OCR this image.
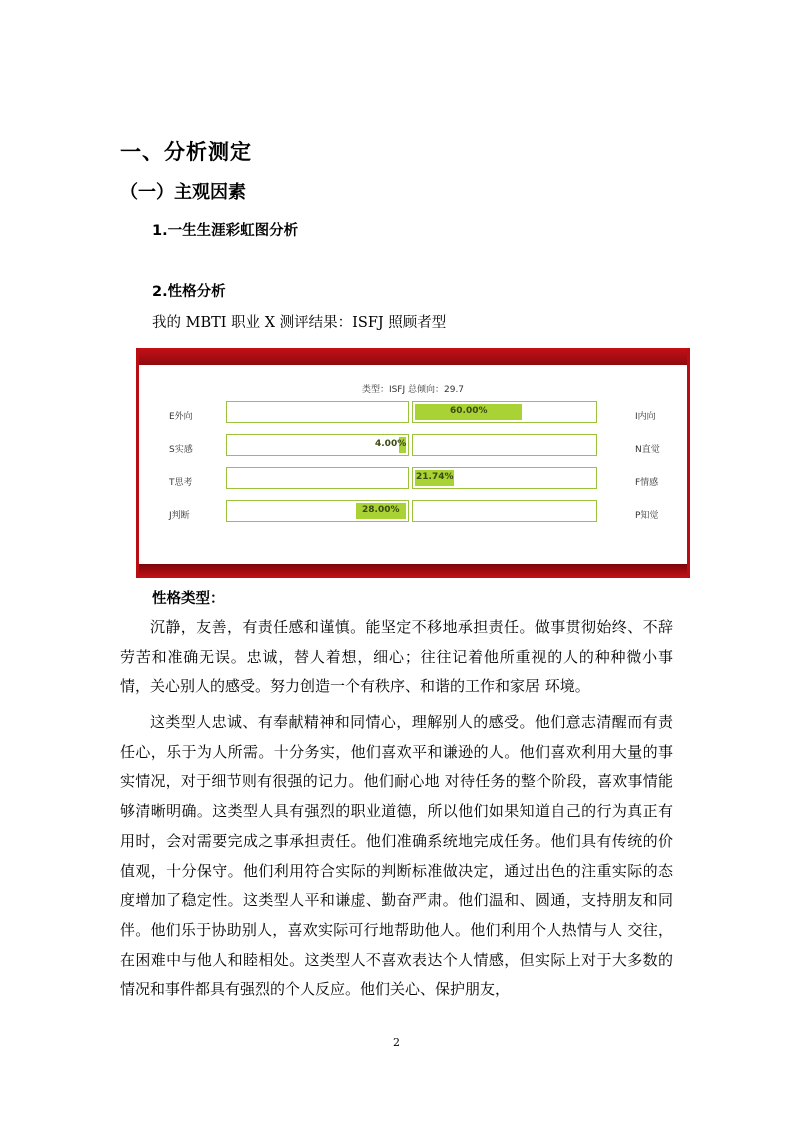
一、分析测定
（一）主观因素
1.一生生涯彩虹图分析
2.性格分析
我的 MBTI 职业 X 测评结果：ISFJ 照顾者型
类型：ISFJ 总倾向：29.7
E外向
60.00%
I内向
S实感
4.00%
N直觉
T思考
21.74%
F情感
J判断
28.00%
P知觉
性格类型：

沉静，友善，有责任感和谨慎。能坚定不移地承担责任。做事贯彻始终、不辞劳苦和准确无误。忠诚，替人着想，细心；往往记着他所重视的人的种种微小事情，关心别人的感受。努力创造一个有秩序、和谐的工作和家居 环境。

这类型人忠诚、有奉献精神和同情心，理解别人的感受。他们意志清醒而有责任心，乐于为人所需。十分务实，他们喜欢平和谦逊的人。他们喜欢利用大量的事实情况，对于细节则有很强的记力。他们耐心地 对待任务的整个阶段，喜欢事情能够清晰明确。这类型人具有强烈的职业道德，所以他们如果知道自己的行为真正有用时，会对需要完成之事承担责任。他们准确系统地完成任务。他们具有传统的价值观，十分保守。他们利用符合实际的判断标准做决定，通过出色的注重实际的态度增加了稳定性。这类型人平和谦虚、勤奋严肃。他们温和、圆通，支持朋友和同伴。他们乐于协助别人，喜欢实际可行地帮助他人。他们利用个人热情与人 交往，在困难中与他人和睦相处。这类型人不喜欢表达个人情感，但实际上对于大多数的情况和事件都具有强烈的个人反应。他们关心、保护朋友，

2
